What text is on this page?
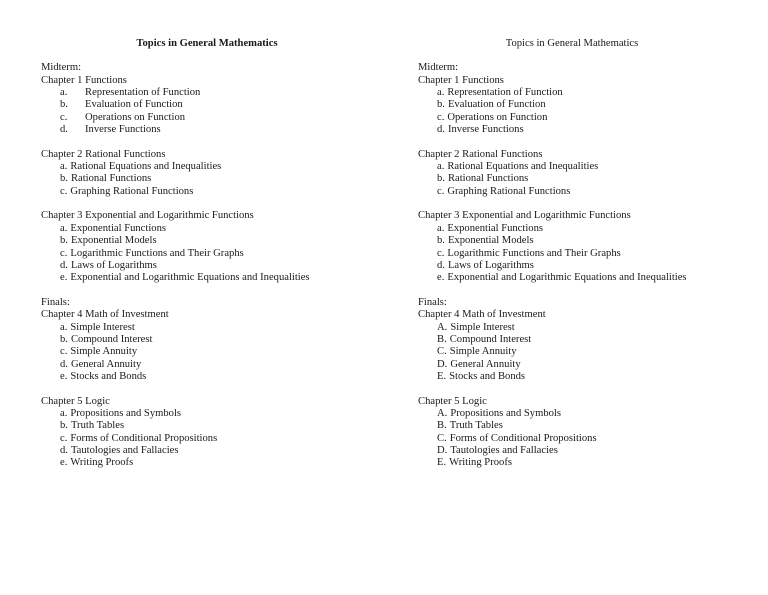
Topics in General Mathematics
Midterm:
Chapter 1 Functions
a. Representation of Function
b. Evaluation of Function
c. Operations on Function
d. Inverse Functions
Chapter 2 Rational Functions
a. Rational Equations and Inequalities
b. Rational Functions
c. Graphing Rational Functions
Chapter 3 Exponential and Logarithmic Functions
a. Exponential Functions
b. Exponential Models
c. Logarithmic Functions and Their Graphs
d. Laws of Logarithms
e. Exponential and Logarithmic Equations and Inequalities
Finals:
Chapter 4 Math of Investment
a. Simple Interest
b. Compound Interest
c. Simple Annuity
d. General Annuity
e. Stocks and Bonds
Chapter 5 Logic
a. Propositions and Symbols
b. Truth Tables
c. Forms of Conditional Propositions
d. Tautologies and Fallacies
e. Writing Proofs
Topics in General Mathematics
Midterm:
Chapter 1 Functions
a. Representation of Function
b. Evaluation of Function
c. Operations on Function
d. Inverse Functions
Chapter 2 Rational Functions
a. Rational Equations and Inequalities
b. Rational Functions
c. Graphing Rational Functions
Chapter 3 Exponential and Logarithmic Functions
a. Exponential Functions
b. Exponential Models
c. Logarithmic Functions and Their Graphs
d. Laws of Logarithms
e. Exponential and Logarithmic Equations and Inequalities
Finals:
Chapter 4 Math of Investment
A. Simple Interest
B. Compound Interest
C. Simple Annuity
D. General Annuity
E. Stocks and Bonds
Chapter 5 Logic
A. Propositions and Symbols
B. Truth Tables
C. Forms of Conditional Propositions
D. Tautologies and Fallacies
E. Writing Proofs
